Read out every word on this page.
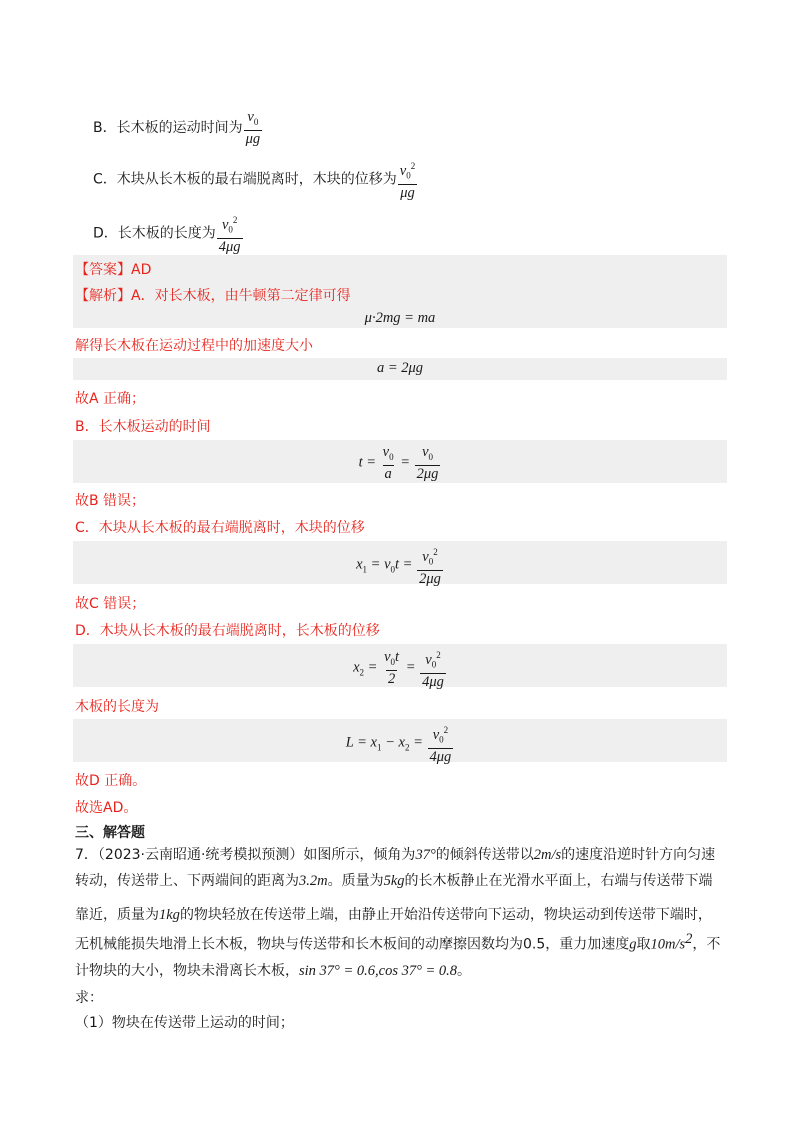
B．长木板的运动时间为 $\frac{v_0}{\mu g}$
C．木块从长木板的最右端脱离时，木块的位移为 $\frac{v_0^2}{\mu g}$
D．长木板的长度为 $\frac{v_0^2}{4\mu g}$
【答案】AD
【解析】A．对长木板，由牛顿第二定律可得
μ·2mg = ma
解得长木板在运动过程中的加速度大小
a = 2μg
故A 正确；
B．长木板运动的时间
$t = \frac{v_0}{a} = \frac{v_0}{2\mu g}$
故B 错误；
C．木块从长木板的最右端脱离时，木块的位移
$x_1 = v_0t = \frac{v_0^2}{2\mu g}$
故C 错误；
D．木块从长木板的最右端脱离时，长木板的位移
$x_2 = \frac{v_0t}{2} = \frac{v_0^2}{4\mu g}$
木板的长度为
$L = x_1 - x_2 = \frac{v_0^2}{4\mu g}$
故D 正确。
故选AD。
三、解答题
7．（2023·云南昭通·统考模拟预测）如图所示，倾角为37°的倾斜传送带以2m/s的速度沿逆时针方向匀速
转动，传送带上、下两端间的距离为3.2m。质量为5kg的长木板静止在光滑水平面上，右端与传送带下端
靠近，质量为1kg的物块轻放在传送带上端，由静止开始沿传送带向下运动，物块运动到传送带下端时，
无机械能损失地滑上长木板，物块与传送带和长木板间的动摩擦因数均为0.5，重力加速度g取$10m/s^2$，不
计物块的大小，物块未滑离长木板，sin 37° = 0.6,cos 37° = 0.8。
求：
（1）物块在传送带上运动的时间；
